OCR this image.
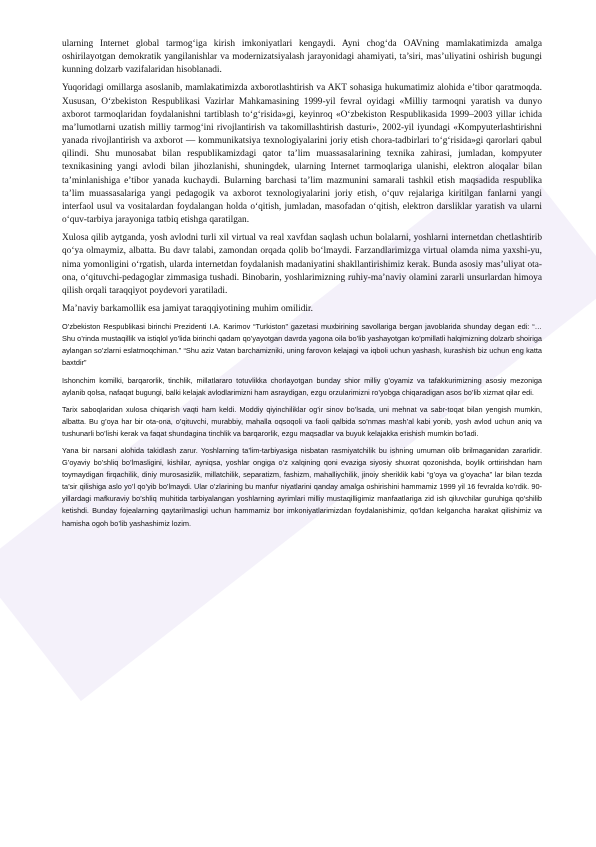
ularning Internet global tarmog‘iga kirish imkoniyatlari kengaydi. Ayni chog‘da OAVning mamlakatimizda amalga oshirilayotgan demokratik yangilanishlar va modernizatsiyalash jarayonidagi ahamiyati, ta’siri, mas’uliyatini oshirish bugungi kunning dolzarb vazifalaridan hisoblanadi.

Yuqoridagi omillarga asoslanib, mamlakatimizda axborotlashtirish va AKT sohasiga hukumatimiz alohida e’tibor qaratmoqda. Xususan, O‘zbekiston Respublikasi Vazirlar Mahkamasining 1999-yil fevral oyidagi «Milliy tarmoqni yaratish va dunyo axborot tarmoqlaridan foydalanishni tartiblash to‘g‘risida»gi, keyinroq «O‘zbekiston Respublikasida 1999–2003 yillar ichida ma’lumotlarni uzatish milliy tarmog‘ini rivojlantirish va takomillashtirish dasturi», 2002-yil iyundagi «Kompyuterlashtirishni yanada rivojlantirish va axborot — kommunikatsiya texnologiyalarini joriy etish chora-tadbirlari to‘g‘risida»gi qarorlari qabul qilindi. Shu munosabat bilan respublikamizdagi qator ta’lim muassasalarining texnika zahirasi, jumladan, kompyuter texnikasining yangi avlodi bilan jihozlanishi, shuningdek, ularning Internet tarmoqlariga ulanishi, elektron aloqalar bilan ta’minlanishiga e’tibor yanada kuchaydi. Bularning barchasi ta’lim mazmunini samarali tashkil etish maqsadida respublika ta’lim muassasalariga yangi pedagogik va axborot texnologiyalarini joriy etish, o‘quv rejalariga kiritilgan fanlarni yangi interfaol usul va vositalardan foydalangan holda o‘qitish, jumladan, masofadan o‘qitish, elektron darsliklar yaratish va ularni o‘quv-tarbiya jarayoniga tatbiq etishga qaratilgan.

Xulosa qilib aytganda, yosh avlodni turli xil virtual va real xavfdan saqlash uchun bolalarni, yoshlarni internetdan chetlashtirib qo‘ya olmaymiz, albatta. Bu davr talabi, zamondan orqada qolib bo‘lmaydi. Farzandlarimizga virtual olamda nima yaxshi-yu, nima yomonligini o‘rgatish, ularda internetdan foydalanish madaniyatini shakllantirishimiz kerak. Bunda asosiy mas’uliyat ota-ona, o‘qituvchi-pedagoglar zimmasiga tushadi. Binobarin, yoshlarimizning ruhiy-ma’naviy olamini zararli unsurlardan himoya qilish orqali taraqqiyot poydevori yaratiladi.

Ma’naviy barkamollik esa jamiyat taraqqiyotining muhim omilidir.

O’zbekiston Respublikasi birinchi Prezidenti I.A. Karimov “Turkiston” gazetasi muxbirining savollariga bergan javoblarida shunday degan edi: “… Shu o’rinda mustaqillik va istiqlol yo’lida birinchi qadam qo’yayotgan davrda yagona oila bo’lib yashayotgan ko’pmillatli halqimizning dolzarb shoiriga aylangan so’zlarni eslatmoqchiman.” “Shu aziz Vatan barchamizniki, uning farovon kelajagi va iqboli uchun yashash, kurashish biz uchun eng katta baxtdir”

Ishonchim komilki, barqarorlik, tinchlik, millatlararo totuvlikka chorlayotgan bunday shior milliy g’oyamiz va tafakkurimizning asosiy mezoniga aylanib qolsa, nafaqat bugungi, balki kelajak avlodlarimizni ham asraydigan, ezgu orzularimizni ro’yobga chiqaradigan asos bo’lib xizmat qilar edi.

Tarix saboqlaridan xulosa chiqarish vaqti ham keldi. Moddiy qiyinchiliklar og’ir sinov bo’lsada, uni mehnat va sabr-toqat bilan yengish mumkin, albatta. Bu g’oya har bir ota-ona, o’qituvchi, murabbiy, mahalla oqsoqoli va faoli qalbida so’nmas mash’al kabi yonib, yosh avlod uchun aniq va tushunarli bo’lishi kerak va faqat shundagina tinchlik va barqarorlik, ezgu maqsadlar va buyuk kelajakka erishish mumkin bo’ladi.

Yana bir narsani alohida takidlash zarur. Yoshlarning ta’lim-tarbiyasiga nisbatan rasmiyatchilik bu ishning umuman olib brilmaganidan zararlidir. G’oyaviy bo’shliq bo’lmasligini, kishilar, ayniqsa, yoshlar ongiga o’z xalqining qoni evaziga siyosiy shuxrat qozonishda, boylik orttirishdan ham toymaydigan firqachilik, diniy murosasizlik, millatchilik, separatizm, fashizm, mahalliychilik, jinoiy sheriklik kabi “g’oya va g’oyacha” lar bilan tezda ta’sir qilishiga aslo yo’l qo’yib bo’lmaydi. Ular o’zlarining bu manfur niyatlarini qanday amalga oshirishini hammamiz 1999 yil 16 fevralda ko’rdik. 90-yillardagi mafkuraviy bo’shliq muhitida tarbiyalangan yoshlarning ayrimlari milliy mustaqilligimiz manfaatlariga zid ish qiluvchilar guruhiga qo’shilib ketishdi. Bunday fojealarning qaytarilmasligi uchun hammamiz bor imkoniyatlarimizdan foydalanishimiz, qo’ldan kelgancha harakat qilishimiz va hamisha ogoh bo’lib yashashimiz lozim.
